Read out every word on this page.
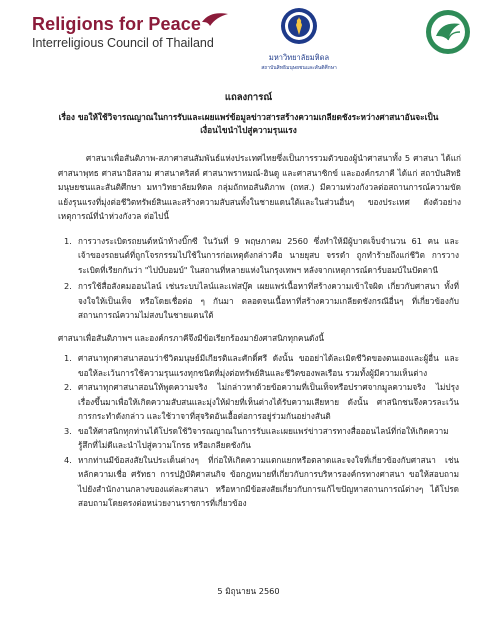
Religions for Peace
Interreligious Council of Thailand
มหาวิทยาลัยมหิดล
สถาบันสิทธิมนุษยชนและสันติศึกษา
แถลงการณ์
เรื่อง ขอให้ใช้วิจารณญาณในการรับและเผยแพร่ข้อมูลข่าวสารสร้างความเกลียดชังระหว่างศาสนาอันจะเป็น
เงื่อนไขนำไปสู่ความรุนแรง
ศาสนาเพื่อสันติภาพ-สภาศาสนสัมพันธ์แห่งประเทศไทยซึ่งเป็นการรวมตัวของผู้นำศาสนาทั้ง 5 ศาสนา ได้แก่ ศาสนาพุทธ ศาสนาอิสลาม ศาสนาคริสต์ ศาสนาพราหมณ์-ฮินดู และศาสนาซิกข์ และองค์กรภาคี ได้แก่ สถาบันสิทธิมนุษยชนและสันติศึกษา มหาวิทยาลัยมหิดล กลุ่มถักทอสันติภาพ (ถทส.) มีความห่วงกังวลต่อสถานการณ์ความขัดแย้งรุนแรงที่มุ่งต่อชีวิตทรัพย์สินและสร้างความสับสนทั้งในชายแดนใต้และในส่วนอื่นๆ ของประเทศ ดังตัวอย่างเหตุการณ์ที่นำห่วงกังวล ต่อไปนี้
1. การวางระเบิดรถยนต์หน้าห้างบิ๊กซี ในวันที่ 9 พฤษภาคม 2560 ซึ่งทำให้มีผู้บาดเจ็บจำนวน 61 คน และเจ้าของรถยนต์ที่ถูกโจรกรรมไปใช้ในการก่อเหตุดังกล่าวคือ นายยุสบ จรรดำ ถูกทำร้ายถึงแก่ชีวิต การวางระเบิดที่เรียกกันว่า "ไปป์บอมบ์" ในสถานที่หลายแห่งในกรุงเทพฯ หลังจากเหตุการณ์ดาร์บอมบ์ในปัตตานี
2. การใช้สื่อสังคมออนไลน์ เช่นระบบไลน์และเฟสบุ๊ค เผยแพร่เนื้อหาที่สร้างความเข้าใจผิด เกี่ยวกับศาสนา ทั้งที่จงใจให้เป็นเท็จ หรือโดยเชื่อต่อ ๆ กันมา ตลอดจนเนื้อหาที่สร้างความเกลียดชังกรณีอื่นๆ ที่เกี่ยวข้องกับสถานการณ์ความไม่สงบในชายแดนใต้
ศาสนาเพื่อสันติภาพฯ และองค์กรภาคีจึงมีข้อเรียกร้องมายังศาสนิกทุกคนดังนี้
1. ศาสนาทุกศาสนาสอนว่าชีวิตมนุษย์มีเกียรติและศักดิ์ศรี ดังนั้น ขออย่าได้ละเมิดชีวิตของตนเองและผู้อื่น และขอให้ละเว้นการใช้ความรุนแรงทุกชนิดที่มุ่งต่อทรัพย์สินและชีวิตของพลเรือน รวมทั้งผู้มีความเห็นต่าง
2. ศาสนาทุกศาสนาสอนให้พูดความจริง ไม่กล่าวหาด้วยข้อความที่เป็นเท็จหรือปราศจากมูลความจริง ไม่ปรุงเรื่องขึ้นมาเพื่อให้เกิดความสับสนและมุ่งให้ฝ่ายที่เห็นต่างได้รับความเสียหาย ดังนั้น ศาสนิกชนจึงควรละเว้นการกระทำดังกล่าว และใช้วาจาที่สุจริตอันเอื้อต่อการอยู่ร่วมกันอย่างสันติ
3. ขอให้ศาสนิกทุกท่านได้โปรดใช้วิจารณญาณในการรับและเผยแพร่ข่าวสารทางสื่อออนไลน์ที่ก่อให้เกิดความรู้สึกที่ไม่ดีและนำไปสู่ความโกรธ หรือเกลียดชังกัน
4. หากท่านมีข้อสงสัยในประเด็นต่างๆ ที่ก่อให้เกิดความแตกแยกหรือตลาดและจงใจที่เกี่ยวข้องกับศาสนา เช่น หลักความเชื่อ ศรัทธา การปฏิบัติศาสนกิจ ข้อกฎหมายที่เกี่ยวกับการบริหารองค์กรทางศาสนา ขอให้สอบถามไปยังสำนักงานกลางของแต่ละศาสนา หรือหากมีข้อสงสัยเกี่ยวกับการแก้ไขปัญหาสถานการณ์ต่างๆ ได้โปรดสอบถามโดยตรงต่อหน่วยงานราชการที่เกี่ยวข้อง
5 มิถุนายน 2560
